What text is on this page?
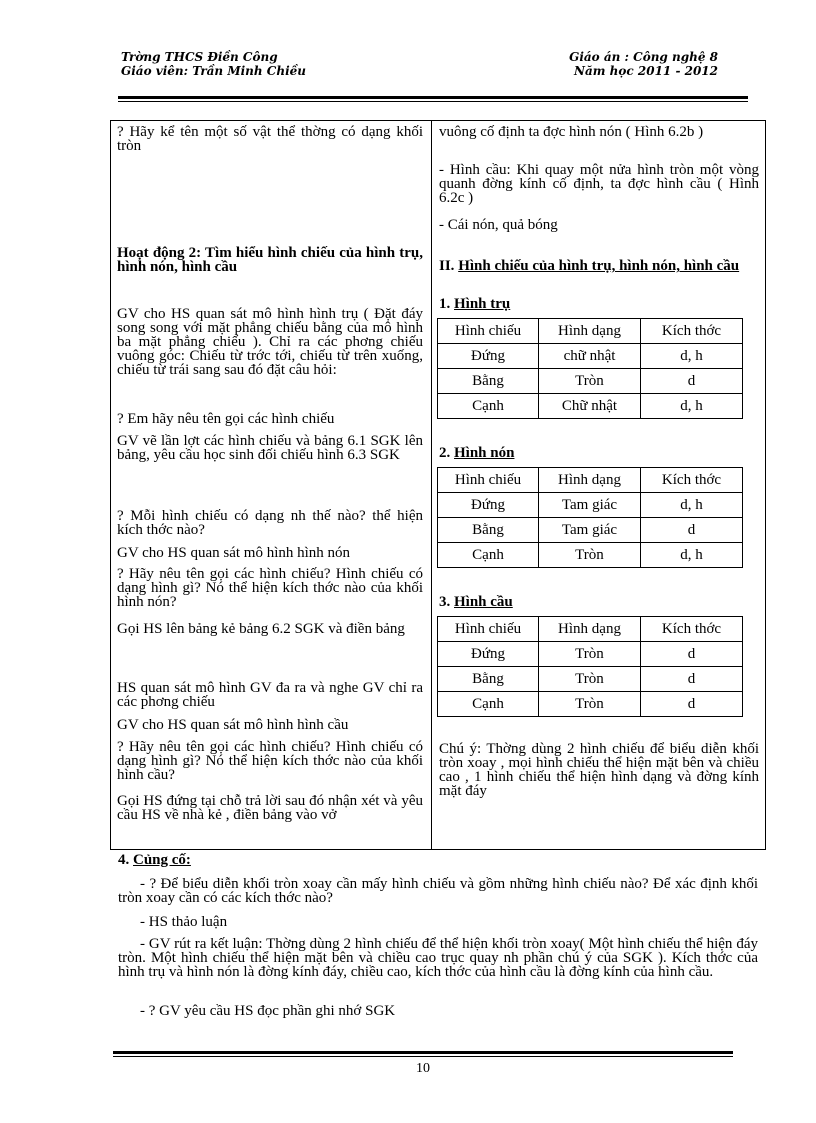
Trờng THCS Điền Công
Giáo viên: Trần Minh Chiều
Giáo án : Công nghệ 8
Năm học 2011 - 2012
? Hãy kể tên một số vật thể thờng có dạng khối tròn
Hoạt động 2: Tìm hiểu hình chiếu của hình trụ, hình nón, hình cầu
GV cho HS quan sát mô hình hình trụ ( Đặt đáy song song với mặt phẳng chiếu bằng của mô hình ba mặt phẳng chiếu ). Chỉ ra các phơng chiếu vuông góc: Chiếu từ trớc tới, chiếu từ trên xuống, chiếu từ trái sang sau đó đặt câu hỏi:
? Em hãy nêu tên gọi các hình chiếu
GV vẽ lần lợt các hình chiếu và bảng 6.1 SGK lên bảng, yêu cầu học sinh đối chiếu hình 6.3 SGK
? Mỗi hình chiếu có dạng nh thế nào? thể hiện kích thớc nào?
GV cho HS quan sát mô hình hình nón
? Hãy nêu tên gọi các hình chiếu? Hình chiếu có dạng hình gì? Nó thể hiện kích thớc nào của khối hình nón?
Gọi HS lên bảng kẻ bảng 6.2 SGK và điền bảng
HS quan sát mô hình GV đa ra và nghe GV chỉ ra các phơng chiếu
GV cho HS quan sát mô hình hình cầu
? Hãy nêu tên gọi các hình chiếu? Hình chiếu có dạng hình gì? Nó thể hiện kích thớc nào của khối hình cầu?
Gọi HS đứng tại chỗ trả lời sau đó nhận xét và yêu cầu HS về nhà kẻ , điền bảng vào vở
vuông cố định ta đợc hình nón ( Hình 6.2b )
- Hình cầu: Khi quay một nửa hình tròn một vòng quanh đờng kính cố định, ta đợc hình cầu ( Hình 6.2c )
- Cái nón, quả bóng
II. Hình chiếu của hình trụ, hình nón, hình cầu
1. Hình trụ
Hình chiếu	Hình dạng	Kích thớc
Đứng	chữ nhật	d, h
Bằng	Tròn	d
Cạnh	Chữ nhật	d, h
2. Hình nón
Hình chiếu	Hình dạng	Kích thớc
Đứng	Tam giác	d, h
Bằng	Tam giác	d
Cạnh	Tròn	d, h
3. Hình cầu
Hình chiếu	Hình dạng	Kích thớc
Đứng	Tròn	d
Bằng	Tròn	d
Cạnh	Tròn	d
Chú ý: Thờng dùng 2 hình chiếu để biểu diễn khối tròn xoay , mọi hình chiếu thể hiện mặt bên và chiều cao , 1 hình chiếu thể hiện hình dạng và đờng kính mặt đáy
4. Củng cố:
- ? Để biểu diễn khối tròn xoay cần mấy hình chiếu và gồm những hình chiếu nào? Để xác định khối tròn xoay cần có các kích thớc nào?
- HS thảo luận
- GV rút ra kết luận: Thờng dùng 2 hình chiếu để thể hiện khối tròn xoay( Một hình chiếu thể hiện đáy tròn. Một hình chiếu thể hiện mặt bên và chiều cao trục quay nh phần chú ý của SGK ). Kích thớc của hình trụ và hình nón là đờng kính đáy, chiều cao, kích thớc của hình cầu là đờng kính của hình cầu.
- ? GV yêu cầu HS đọc phần ghi nhớ SGK
10
